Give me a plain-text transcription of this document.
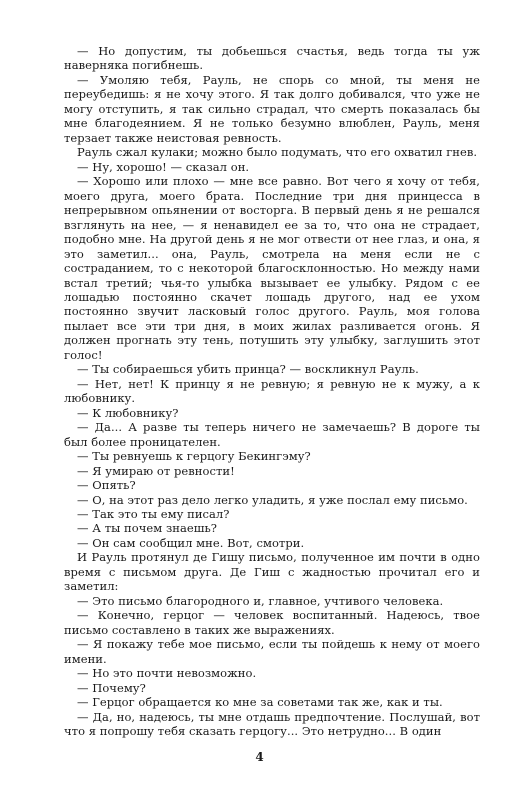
— Но допустим, ты добьешься счастья, ведь тогда ты уж наверняка погибнешь.

— Умоляю тебя, Рауль, не спорь со мной, ты меня не переубедишь: я не хочу этого. Я так долго добивался, что уже не могу отступить, я так сильно страдал, что смерть показалась бы мне благодеянием. Я не только безумно влюблен, Рауль, меня терзает также неистовая ревность.

Рауль сжал кулаки; можно было подумать, что его охватил гнев.

— Ну, хорошо! — сказал он.

— Хорошо или плохо — мне все равно. Вот чего я хочу от тебя, моего друга, моего брата. Последние три дня принцесса в непрерывном опьянении от восторга. В первый день я не решался взглянуть на нее, — я ненавидел ее за то, что она не страдает, подобно мне. На другой день я не мог отвести от нее глаз, и она, я это заметил... она, Рауль, смотрела на меня если не с состраданием, то с некоторой благосклонностью. Но между нами встал третий; чья-то улыбка вызывает ее улыбку. Рядом с ее лошадью постоянно скачет лошадь другого, над ее ухом постоянно звучит ласковый голос другого. Рауль, моя голова пылает все эти три дня, в моих жилах разливается огонь. Я должен прогнать эту тень, потушить эту улыбку, заглушить этот голос!

— Ты собираешься убить принца? — воскликнул Рауль.

— Нет, нет! К принцу я не ревную; я ревную не к мужу, а к любовнику.

— К любовнику?

— Да... А разве ты теперь ничего не замечаешь? В дороге ты был более проницателен.

— Ты ревнуешь к герцогу Бекингэму?

— Я умираю от ревности!

— Опять?

— О, на этот раз дело легко уладить, я уже послал ему письмо.

— Так это ты ему писал?

— А ты почем знаешь?

— Он сам сообщил мне. Вот, смотри.

И Рауль протянул де Гишу письмо, полученное им почти в одно время с письмом друга. Де Гиш с жадностью прочитал его и заметил:

— Это письмо благородного и, главное, учтивого человека.

— Конечно, герцог — человек воспитанный. Надеюсь, твое письмо составлено в таких же выражениях.

— Я покажу тебе мое письмо, если ты пойдешь к нему от моего имени.

— Но это почти невозможно.

— Почему?

— Герцог обращается ко мне за советами так же, как и ты.

— Да, но, надеюсь, ты мне отдашь предпочтение. Послушай, вот что я попрошу тебя сказать герцогу... Это нетрудно... В один

4
